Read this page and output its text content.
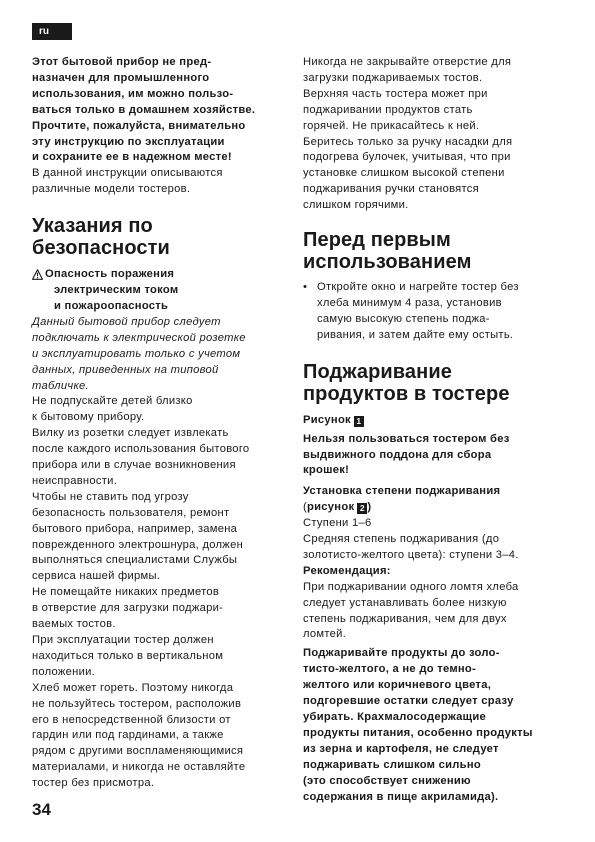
ru

Этот бытовой прибор не пред-

назначен для промышленного

использования, им можно пользо-

ваться только в домашнем хозяйстве.

Прочтите, пожалуйста, внимательно

эту инструкцию по эксплуатации

и сохраните ее в надежном месте!

В данной инструкции описываются

различные модели тостеров.

Указания по
безопасности

Опасность поражения

электрическим током

и пожароопасность

Данный бытовой прибор следует

подключать к электрической розетке

и эксплуатировать только с учетом

данных, приведенных на типовой

табличке.

Не подпускайте детей близко

к бытовому прибору.

Вилку из розетки следует извлекать

после каждого использования бытового

прибора или в случае возникновения

неисправности.

Чтобы не ставить под угрозу

безопасность пользователя, ремонт

бытового прибора, например, замена

поврежденного электрошнура, должен

выполняться специалистами Службы

сервиса нашей фирмы.

Не помещайте никаких предметов

в отверстие для загрузки поджари-

ваемых тостов.

При эксплуатации тостер должен

находиться только в вертикальном

положении.

Хлеб может гореть. Поэтому никогда

не пользуйтесь тостером, расположив

его в непосредственной близости от

гардин или под гардинами, а также

рядом с другими воспламеняющимися

материалами, и никогда не оставляйте

тостер без присмотра.

Никогда не закрывайте отверстие для

загрузки поджариваемых тостов.

Верхняя часть тостера может при

поджаривании продуктов стать

горячей. Не прикасайтесь к ней.

Беритесь только за ручку насадки для

подогрева булочек, учитывая, что при

установке слишком высокой степени

поджаривания ручки становятся

слишком горячими.

Перед первым
использованием
• Откройте окно и нагрейте тостер без

хлеба минимум 4 раза, установив

самую высокую степень поджа-

ривания, и затем дайте ему остыть.

Поджаривание
продуктов в тостере

Рисунок 1

Нельзя пользоваться тостером без

выдвижного поддона для сбора

крошек!

Установка степени поджаривания

(рисунок 2 )

Ступени 1–6

Средняя степень поджаривания (до

золотисто-желтого цвета): ступени 3–4.

Рекомендация:

При поджаривании одного ломтя хлеба

следует устанавливать более низкую

степень поджаривания, чем для двух

ломтей.

Поджаривайте продукты до золо-

тисто-желтого, а не до темно-

желтого или коричневого цвета,

подгоревшие остатки следует сразу

убирать. Крахмалосодержащие

продукты питания, особенно продукты

из зерна и картофеля, не следует

поджаривать слишком сильно

(это способствует снижению

содержания в пище акриламида).

34
